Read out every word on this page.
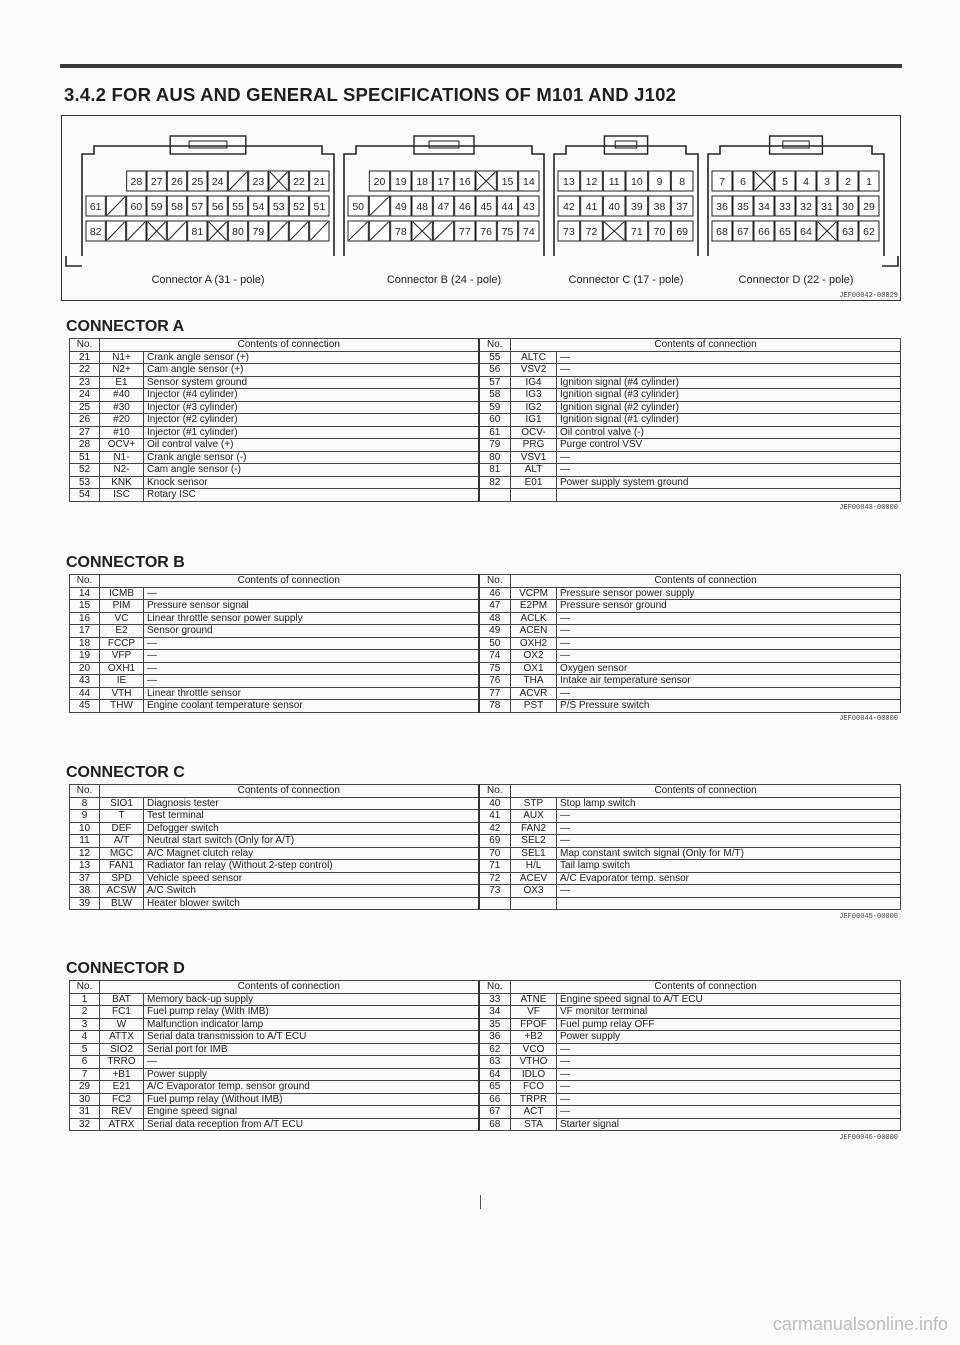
3.4.2 FOR AUS AND GENERAL SPECIFICATIONS OF M101 AND J102
28 27 26 25 24	23	22 21
61	60 59 58 57 56 55 54 53 52 51
82	81	80 79
Connector A (31 - pole)
20 19 18 17 16	15 14
50	49 48 47 46 45 44 43
78	77 76 75 74
Connector B (24 - pole)
13 12 11 10 9 8
42 41 40 39 38 37
73 72	71 70 69
Connector C (17 - pole)
7 6	5 4 3 2 1
36 35 34 33 32 31 30 29
68 67 66 65 64	63 62
Connector D (22 - pole)
JEF00042-00029
CONNECTOR A
No.	Contents of connection		No.	Contents of connection	
21	N1+	Crank angle sensor (+)	55	ALTC	—
22	N2+	Cam angle sensor (+)	56	VSV2	—
23	E1	Sensor system ground	57	IG4	Ignition signal (#4 cylinder)
24	#40	Injector (#4 cylinder)	58	IG3	Ignition signal (#3 cylinder)
25	#30	Injector (#3 cylinder)	59	IG2	Ignition signal (#2 cylinder)
26	#20	Injector (#2 cylinder)	60	IG1	Ignition signal (#1 cylinder)
27	#10	Injector (#1 cylinder)	61	OCV-	Oil control valve (-)
28	OCV+	Oil control valve (+)	79	PRG	Purge control VSV
51	N1-	Crank angle sensor (-)	80	VSV1	—
52	N2-	Cam angle sensor (-)	81	ALT	—
53	KNK	Knock sensor	82	E01	Power supply system ground
54	ISC	Rotary ISC			
JEF00043-00000
CONNECTOR B
No.	Contents of connection		No.	Contents of connection	
14	ICMB	—	46	VCPM	Pressure sensor power supply
15	PIM	Pressure sensor signal	47	E2PM	Pressure sensor ground
16	VC	Linear throttle sensor power supply	48	ACLK	—
17	E2	Sensor ground	49	ACEN	—
18	FCCP	—	50	OXH2	—
19	VFP	—	74	OX2	—
20	OXH1	—	75	OX1	Oxygen sensor
43	IE	—	76	THA	Intake air temperature sensor
44	VTH	Linear throttle sensor	77	ACVR	—
45	THW	Engine coolant temperature sensor	78	PST	P/S Pressure switch
JEF00044-00000
CONNECTOR C
No.	Contents of connection		No.	Contents of connection	
8	SIO1	Diagnosis tester	40	STP	Stop lamp switch
9	T	Test terminal	41	AUX	—
10	DEF	Defogger switch	42	FAN2	—
11	A/T	Neutral start switch (Only for A/T)	69	SEL2	—
12	MGC	A/C Magnet clutch relay	70	SEL1	Map constant switch signal (Only for M/T)
13	FAN1	Radiator fan relay (Without 2-step control)	71	H/L	Tail lamp switch
37	SPD	Vehicle speed sensor	72	ACEV	A/C Evaporator temp. sensor
38	ACSW	A/C Switch	73	OX3	—
39	BLW	Heater blower switch			
JEF00045-00000
CONNECTOR D
No.	Contents of connection		No.	Contents of connection	
1	BAT	Memory back-up supply	33	ATNE	Engine speed signal to A/T ECU
2	FC1	Fuel pump relay (With IMB)	34	VF	VF monitor terminal
3	W	Malfunction indicator lamp	35	FPOF	Fuel pump relay OFF
4	ATTX	Serial data transmission to A/T ECU	36	+B2	Power supply
5	SIO2	Serial port for IMB	62	VCO	—
6	TRRO	—	63	VTHO	—
7	+B1	Power supply	64	IDLO	—
29	E21	A/C Evaporator temp. sensor ground	65	FCO	—
30	FC2	Fuel pump relay (Without IMB)	66	TRPR	—
31	REV	Engine speed signal	67	ACT	—
32	ATRX	Serial data reception from A/T ECU	68	STA	Starter signal
JEF00046-00000
carmanualsonline.info
